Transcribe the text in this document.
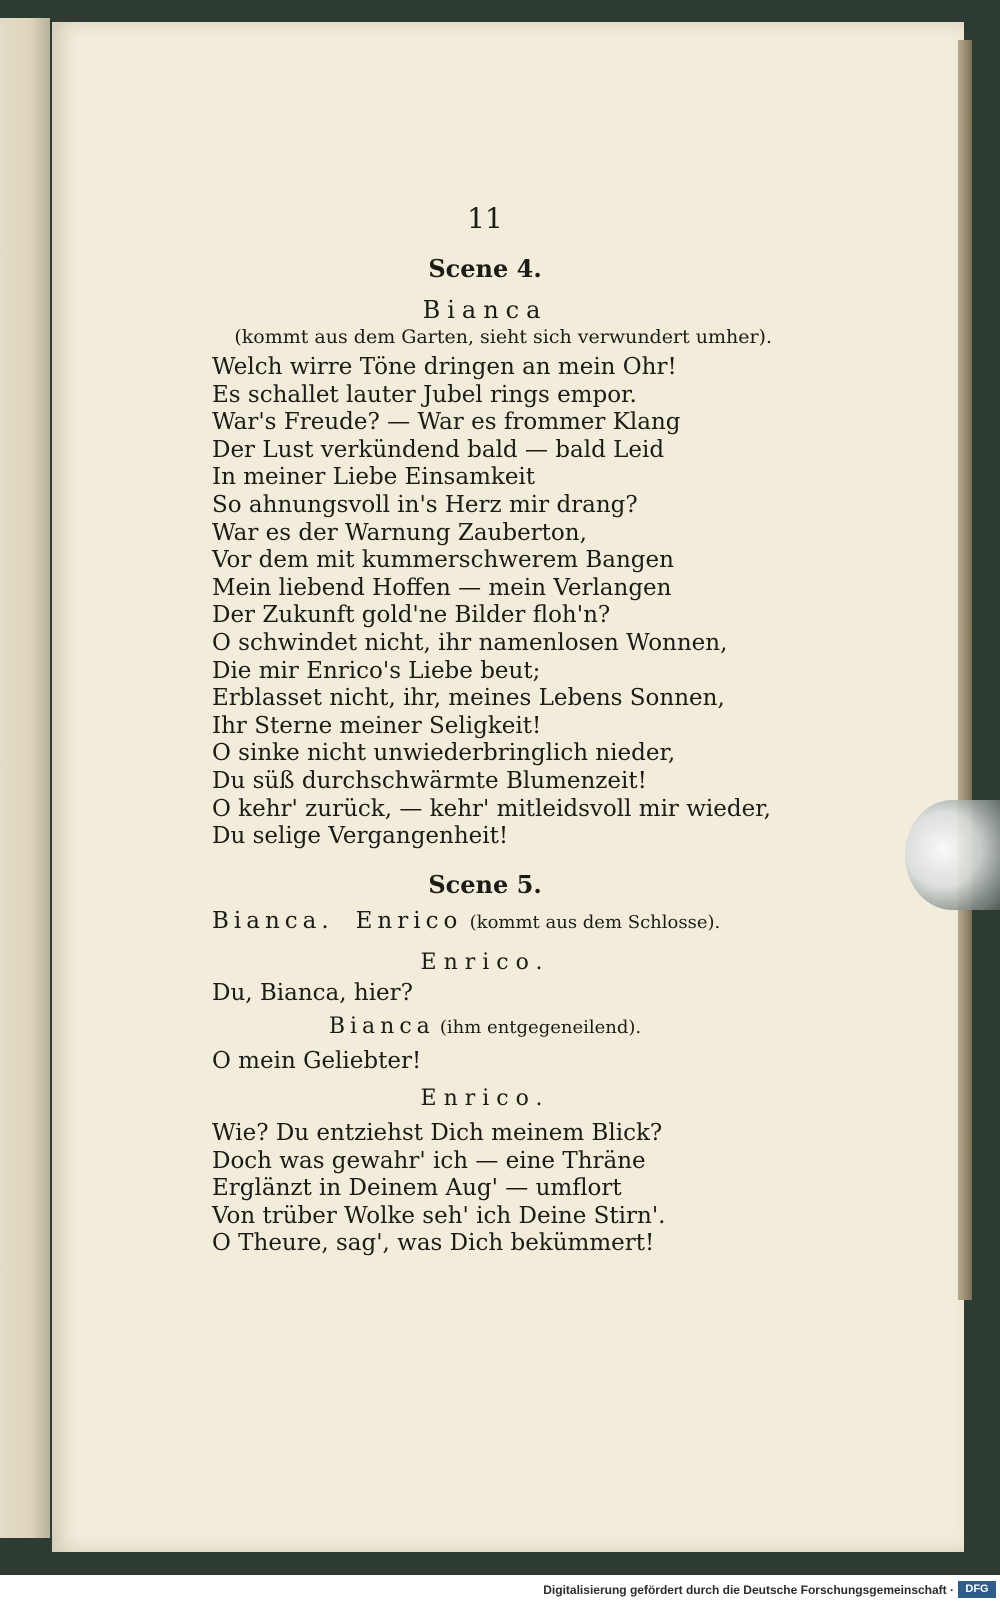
11
Scene 4.
Bianca
(kommt aus dem Garten, sieht sich verwundert umher).
Welch wirre Töne dringen an mein Ohr!
Es schallet lauter Jubel rings empor.
War's Freude? — War es frommer Klang
Der Lust verkündend bald — bald Leid
In meiner Liebe Einsamkeit
So ahnungsvoll in's Herz mir drang?
War es der Warnung Zauberton,
Vor dem mit kummerschwerem Bangen
Mein liebend Hoffen — mein Verlangen
Der Zukunft gold'ne Bilder floh'n?
O schwindet nicht, ihr namenlosen Wonnen,
Die mir Enrico's Liebe beut;
Erblasset nicht, ihr, meines Lebens Sonnen,
Ihr Sterne meiner Seligkeit!
O sinke nicht unwiederbringlich nieder,
Du süß durchschwärmte Blumenzeit!
O kehr' zurück, — kehr' mitleidsvoll mir wieder,
Du selige Vergangenheit!
Scene 5.
Bianca. Enrico (kommt aus dem Schlosse).
Enrico.
Du, Bianca, hier?
Bianca (ihm entgegeneilend).
O mein Geliebter!
Enrico.
Wie? Du entziehst Dich meinem Blick?
Doch was gewahr' ich — eine Thräne
Erglänzt in Deinem Aug' — umflort
Von trüber Wolke seh' ich Deine Stirn'.
O Theure, sag', was Dich bekümmert!
Digitalisierung gefördert durch die Deutsche Forschungsgemeinschaft ·	DFG
